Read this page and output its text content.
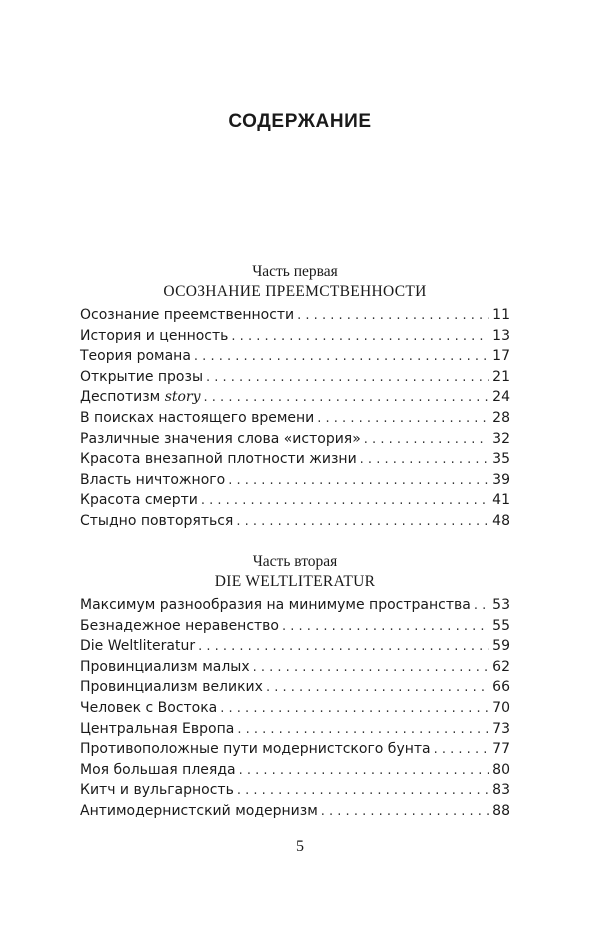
СОДЕРЖАНИЕ
Часть первая
ОСОЗНАНИЕ ПРЕЕМСТВЕННОСТИ
Осознание преемственности . . .	11
История и ценность . . .	13
Теория романа . . .	17
Открытие прозы . . .	21
Деспотизм story . . .	24
В поисках настоящего времени . . .	28
Различные значения слова «история» . . .	32
Красота внезапной плотности жизни . . .	35
Власть ничтожного . . .	39
Красота смерти . . .	41
Стыдно повторяться . . .	48
Часть вторая
DIE WELTLITERATUR
Максимум разнообразия на минимуме пространства . . . 53
Безнадежное неравенство . . .	55
Die Weltliteratur . . .	59
Провинциализм малых . . .	62
Провинциализм великих . . .	66
Человек с Востока . . .	70
Центральная Европа . . .	73
Противоположные пути модернистского бунта . . .	77
Моя большая плеяда . . .	80
Китч и вульгарность . . .	83
Антимодернистский модернизм . . .	88
5
